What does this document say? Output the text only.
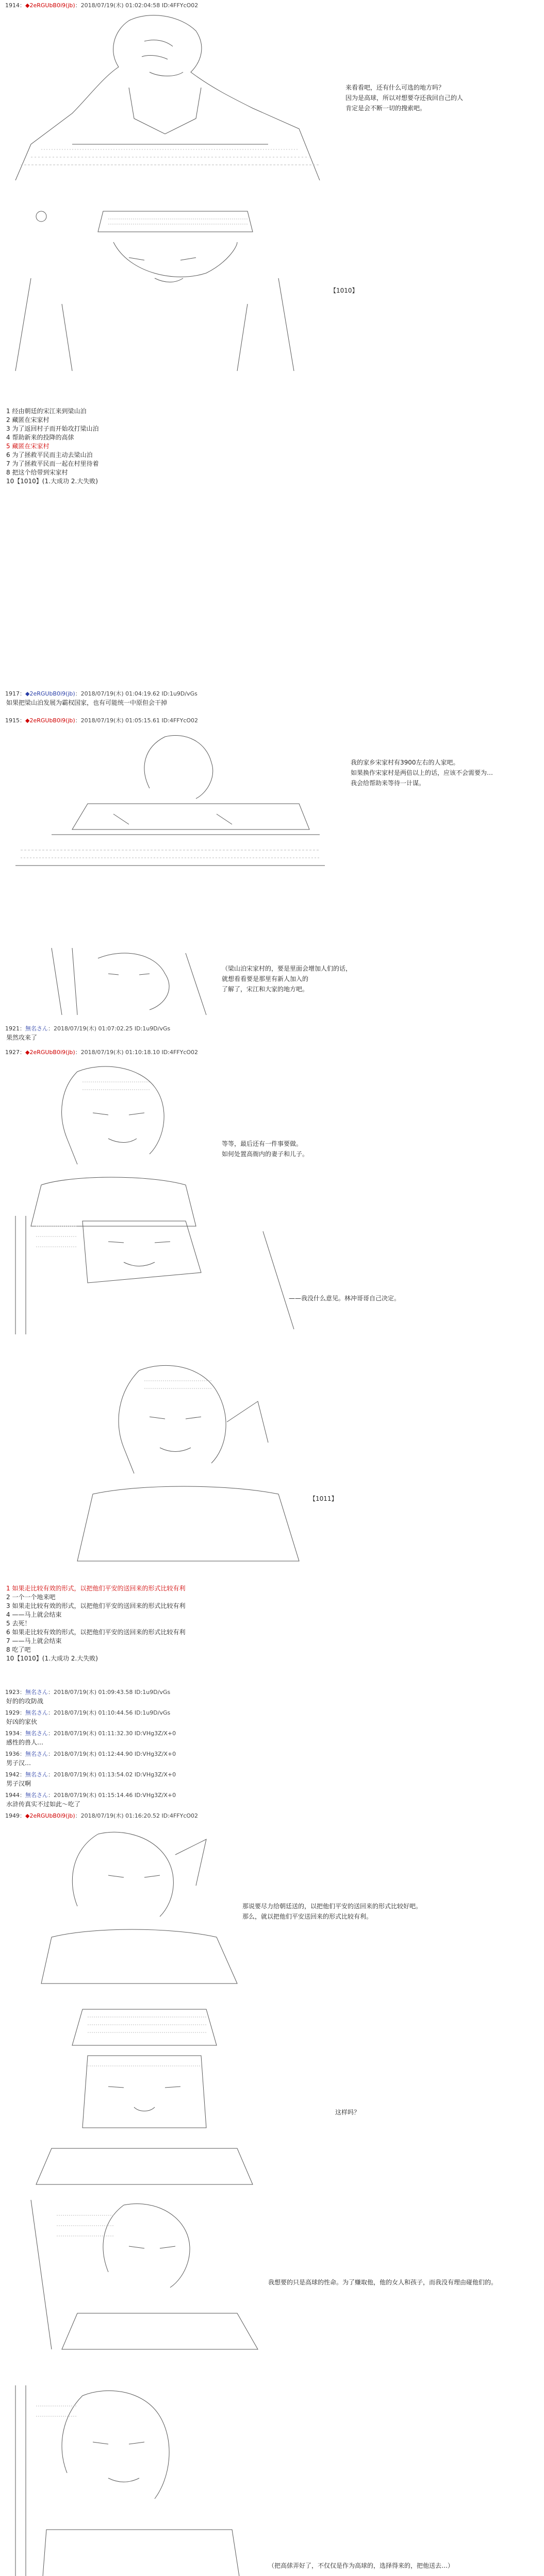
1914：◆2eRGUbB0i9(jb)：2018/07/19(木) 01:02:04:58 ID:4FFYcO02
1917：◆2eRGUbB0i9(jb)：2018/07/19(木) 01:04:19.62 ID:1u9D/vGs
1915：◆2eRGUbB0i9(jb)：2018/07/19(木) 01:05:15.61 ID:4FFYcO02
1921：無名さん：2018/07/19(木) 01:07:02.25 ID:1u9D/vGs
1927：◆2eRGUbB0i9(jb)：2018/07/19(木) 01:10:18.10 ID:4FFYcO02
1923：無名さん：2018/07/19(木) 01:09:43.58 ID:1u9D/vGs
1929：無名さん：2018/07/19(木) 01:10:44.56 ID:1u9D/vGs
1934：無名さん：2018/07/19(木) 01:11:32.30 ID:VHg3Z/X+0
1936：無名さん：2018/07/19(木) 01:12:44.90 ID:VHg3Z/X+0
1942：無名さん：2018/07/19(木) 01:13:54.02 ID:VHg3Z/X+0
1944：無名さん：2018/07/19(木) 01:15:14.46 ID:VHg3Z/X+0
1949：◆2eRGUbB0i9(jb)：2018/07/19(木) 01:16:20.52 ID:4FFYcO02
来看看吧，还有什么可选的地方吗？
因为是高球，所以对想要夺还我回自己的人
肯定是会不断一切的搜索吧。
【1010】
1 经由朝廷的宋江来到梁山泊
2 藏匿在宋家村
3 为了返回村子而开始攻打梁山泊
4 帮助新来的投降的高俅
5 藏匿在宋家村
6 为了拯救平民而主动去梁山泊
7 为了拯救平民而一起在村里待着
8 把这个给带到宋家村
10【1010】(1.大成功 2.大失败)
如果把梁山泊发展为霸权国家，也有可能统一中原但会干掉
我的家乡宋家村有3900左右的人家吧。
如果换作宋家村是两倍以上的话，应该不会需要为…
我会给帮助来等待一计谋。
（梁山泊宋家村的，要是里面会增加人们的话，
就想看看要是那里有新人加入的
了解了，宋江和大家的地方吧。
果然攻来了
等等，最后还有一件事要做。
如何处置高衙内的妻子和儿子。
——我没什么意见。林冲哥哥自己决定。
【1011】
1 如果走比较有效的形式，以把他们平安的送回来的形式比较有利
2 一个一个地来吧
3 如果走比较有效的形式，以把他们平安的送回来的形式比较有利
4 ——马上就会结束
5 去死！
6 如果走比较有效的形式，以把他们平安的送回来的形式比较有利
7 ——马上就会结束
8 吃了吧
10【1010】(1.大成功 2.大失败)
好的的攻防战
好凶的家伙
感性的兽人…
男子汉…
男子汉啊
水浒传真实不过如此～吃了
那说要尽力给朝廷送的，以把他们平安的送回来的形式比较好吧。
那么，就以把他们平安送回来的形式比较有利。
这样吗？
我想要的只是高球的性命。为了赚取他，他的女人和孩子，而我没有理由碰他们的。
（把高俅弄好了，不仅仅是作为高球的，选择得来的，把他送去…）
